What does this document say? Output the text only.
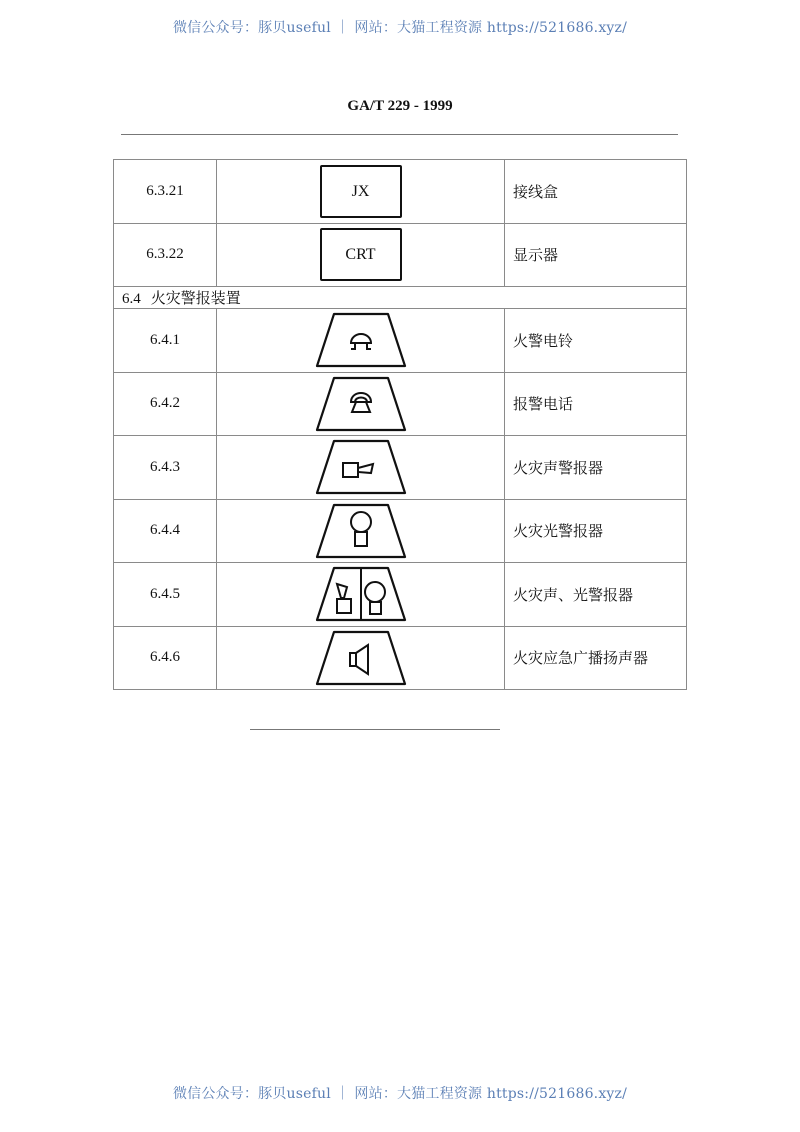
微信公众号：豚贝useful ｜ 网站：大猫工程资源 https://521686.xyz/
GA/T 229 - 1999
6.3.21	JX	接线盒
6.3.22	CRT	显示器
6.4 火灾警报装置		
6.4.1		火警电铃
6.4.2		报警电话
6.4.3		火灾声警报器
6.4.4		火灾光警报器
6.4.5		火灾声、光警报器
6.4.6		火灾应急广播扬声器
微信公众号：豚贝useful ｜ 网站：大猫工程资源 https://521686.xyz/
